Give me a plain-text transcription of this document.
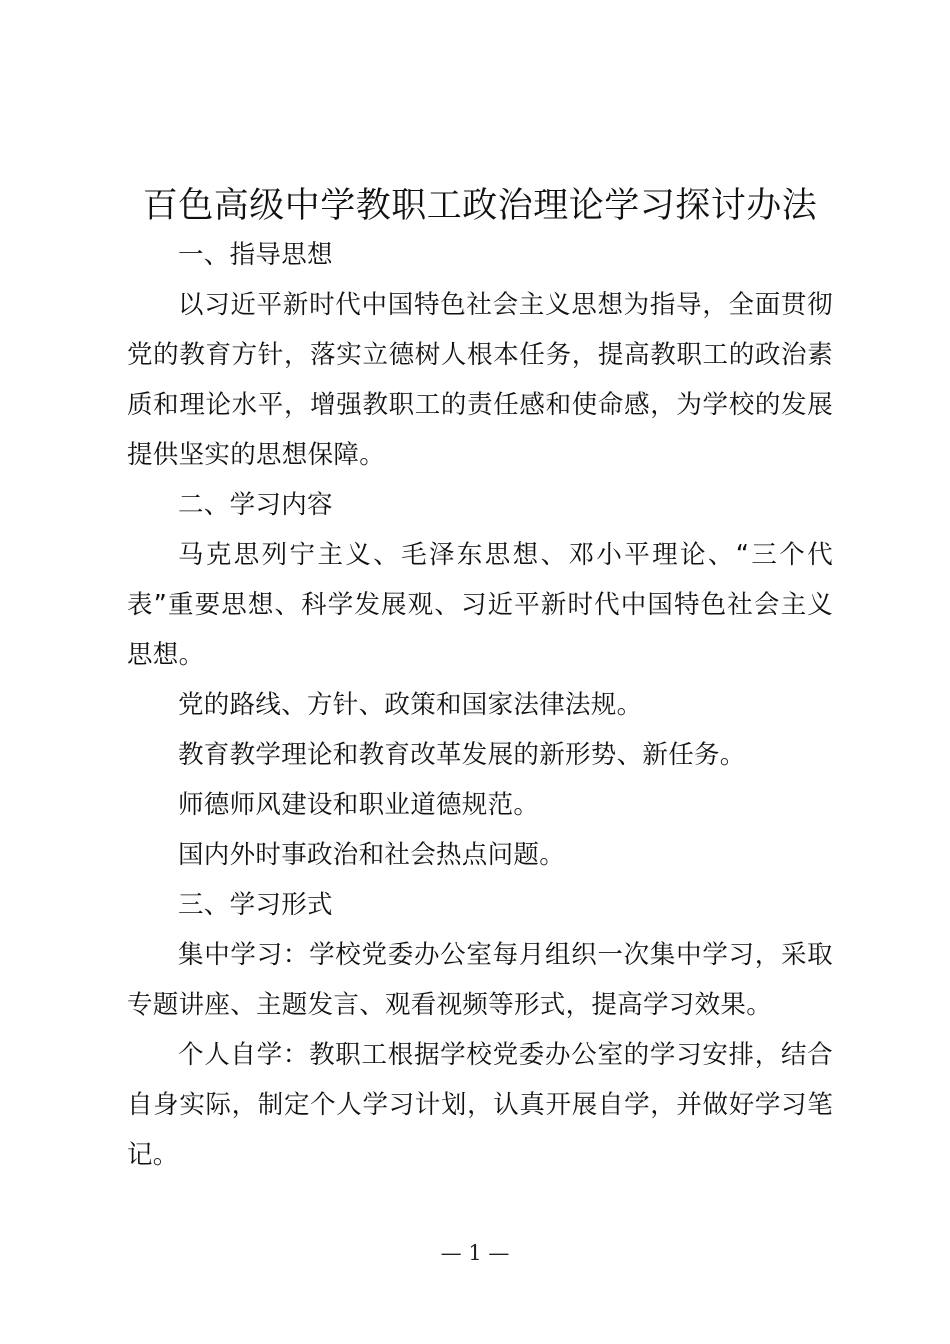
百色高级中学教职工政治理论学习探讨办法

一、指导思想

以习近平新时代中国特色社会主义思想为指导，全面贯彻党的教育方针，落实立德树人根本任务，提高教职工的政治素质和理论水平，增强教职工的责任感和使命感，为学校的发展提供坚实的思想保障。

二、学习内容

马克思列宁主义、毛泽东思想、邓小平理论、“三个代表”重要思想、科学发展观、习近平新时代中国特色社会主义思想。

党的路线、方针、政策和国家法律法规。

教育教学理论和教育改革发展的新形势、新任务。

师德师风建设和职业道德规范。

国内外时事政治和社会热点问题。

三、学习形式

集中学习：学校党委办公室每月组织一次集中学习，采取专题讲座、主题发言、观看视频等形式，提高学习效果。

个人自学：教职工根据学校党委办公室的学习安排，结合自身实际，制定个人学习计划，认真开展自学，并做好学习笔记。

— 1 —
